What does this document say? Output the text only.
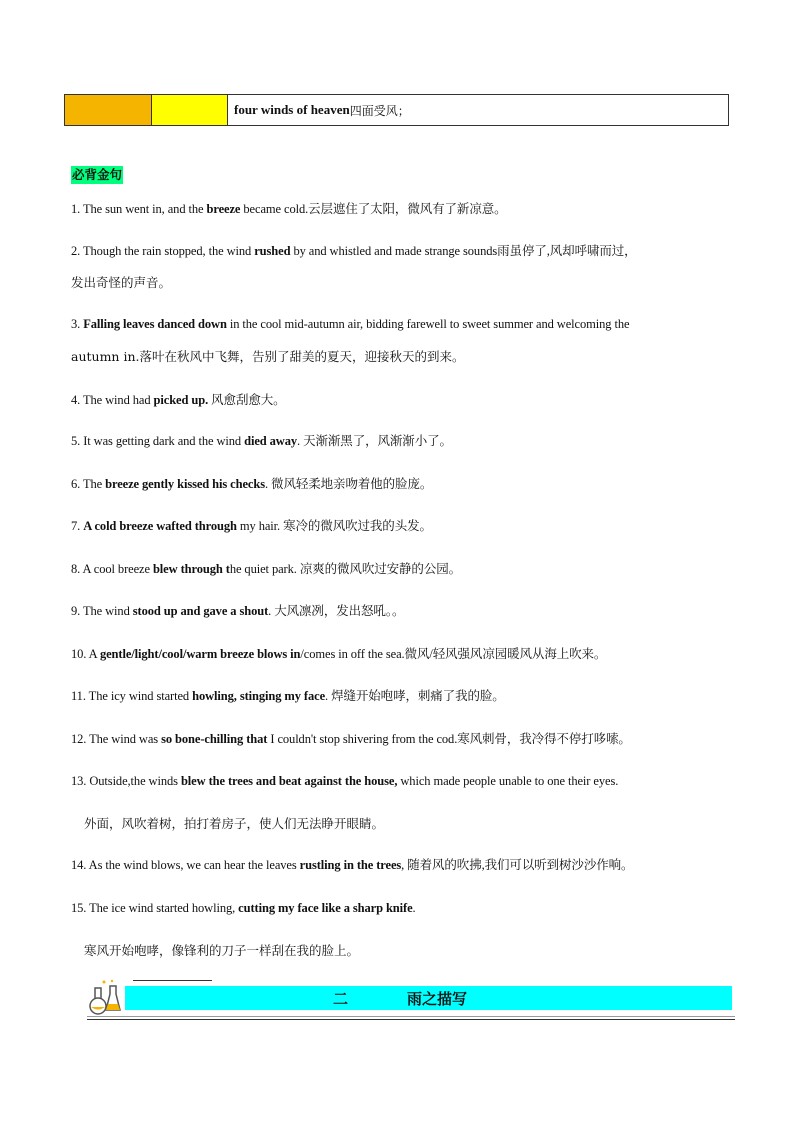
four winds of heaven 四面受风；
必背金句
1. The sun went in, and the breeze became cold.云层遮住了太阳，微风有了新凉意。
2. Though the rain stopped, the wind rushed by and whistled and made strange sounds雨虽停了,风却呼啸而过，
发出奇怪的声音。
3. Falling leaves danced down in the cool mid-autumn air, bidding farewell to sweet summer and welcoming the
autumn in.落叶在秋风中飞舞，告别了甜美的夏天，迎接秋天的到来。
4. The wind had picked up. 风愈刮愈大。
5. It was getting dark and the wind died away. 天渐渐黑了，风渐渐小了。
6. The breeze gently kissed his checks. 微风轻柔地亲吻着他的脸庞。
7. A cold breeze wafted through my hair. 寒冷的微风吹过我的头发。
8. A cool breeze blew through the quiet park. 凉爽的微风吹过安静的公园。
9. The wind stood up and gave a shout. 大风凛冽，发出怒吼。。
10. A gentle/light/cool/warm breeze blows in/comes in off the sea.微风/轻风强风凉园暖风从海上吹来。
11. The icy wind started howling, stinging my face. 焊缝开始咆哮，刺痛了我的脸。
12. The wind was so bone-chilling that I couldn't stop shivering from the cod.寒风刺骨，我冷得不停打哆嗦。
13. Outside,the winds blew the trees and beat against the house, which made people unable to one their eyes.
外面，风吹着树，拍打着房子，使人们无法睁开眼睛。
14. As the wind blows, we can hear the leaves rustling in the trees, 随着风的吹拂,我们可以听到树沙沙作响。
15. The ice wind started howling, cutting my face like a sharp knife.
寒风开始咆哮，像锋利的刀子一样刮在我的脸上。
二	雨之描写
